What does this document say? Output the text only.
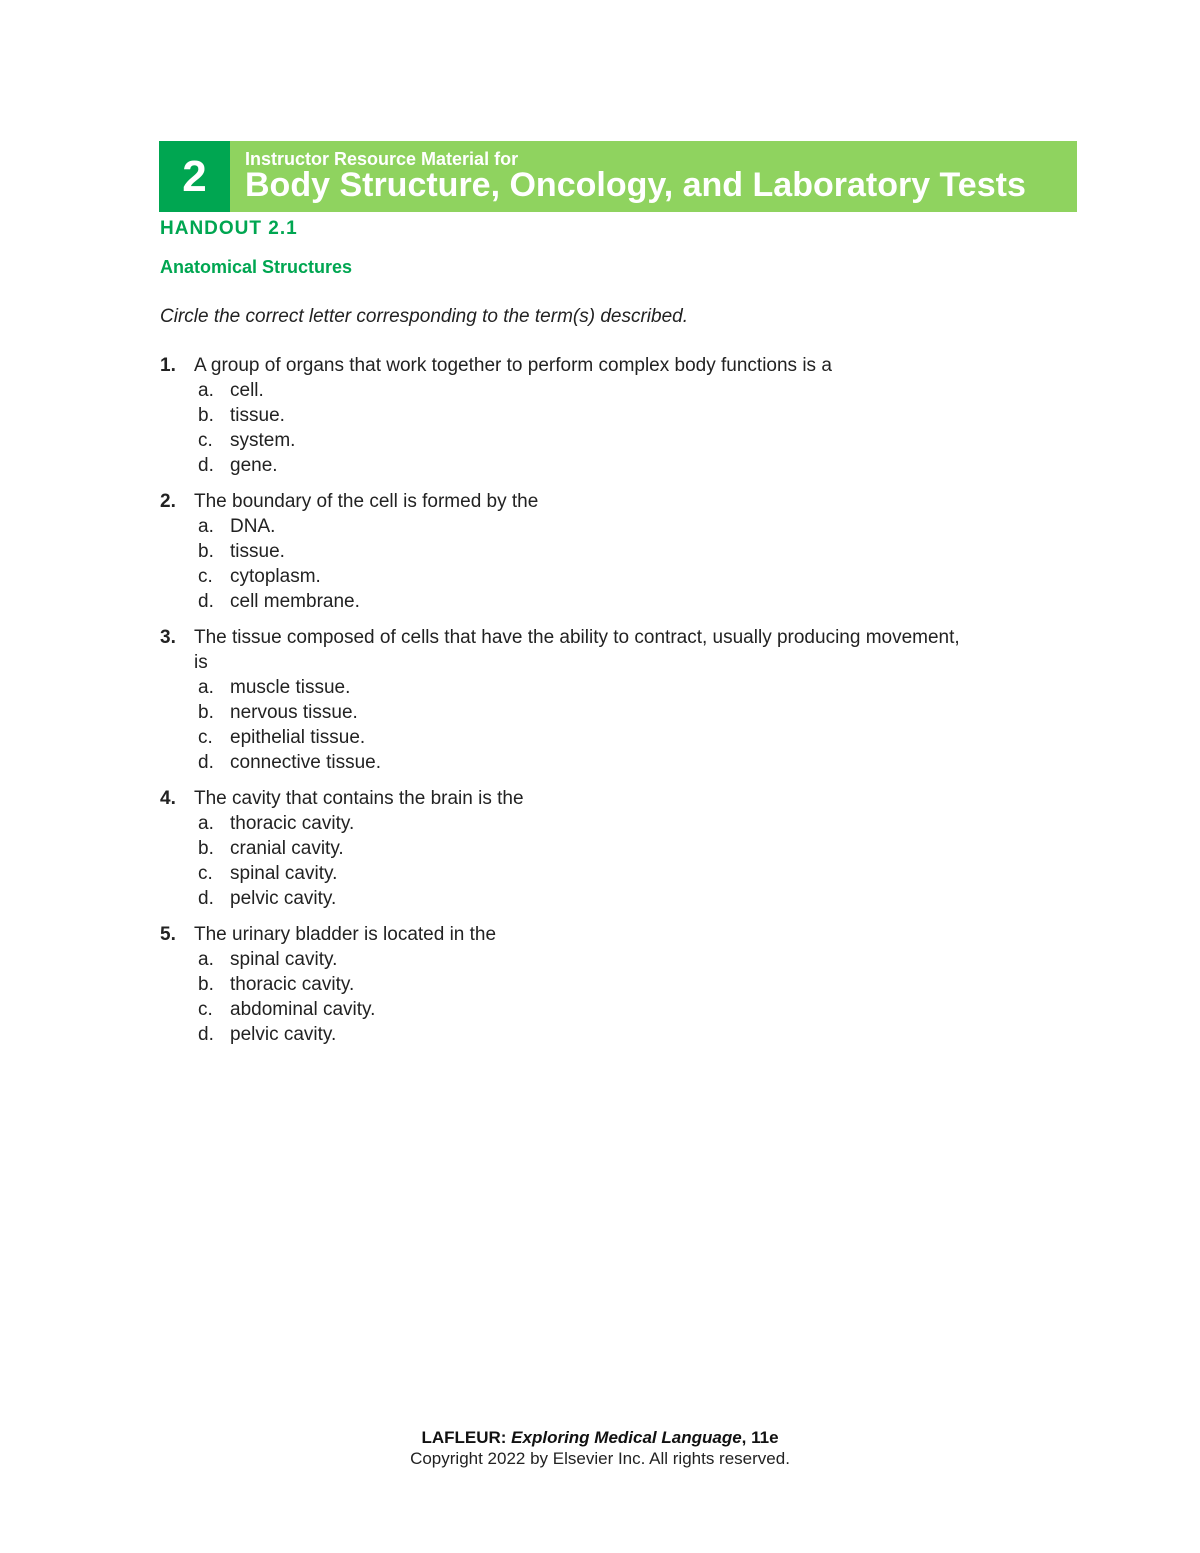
2	Instructor Resource Material for
Body Structure, Oncology, and Laboratory Tests
HANDOUT 2.1
Anatomical Structures
Circle the correct letter corresponding to the term(s) described.
1. A group of organs that work together to perform complex body functions is a
a. cell.
b. tissue.
c. system.
d. gene.
2. The boundary of the cell is formed by the
a. DNA.
b. tissue.
c. cytoplasm.
d. cell membrane.
3. The tissue composed of cells that have the ability to contract, usually producing movement, is
a. muscle tissue.
b. nervous tissue.
c. epithelial tissue.
d. connective tissue.
4. The cavity that contains the brain is the
a. thoracic cavity.
b. cranial cavity.
c. spinal cavity.
d. pelvic cavity.
5. The urinary bladder is located in the
a. spinal cavity.
b. thoracic cavity.
c. abdominal cavity.
d. pelvic cavity.
LAFLEUR: Exploring Medical Language, 11e
Copyright 2022 by Elsevier Inc. All rights reserved.
